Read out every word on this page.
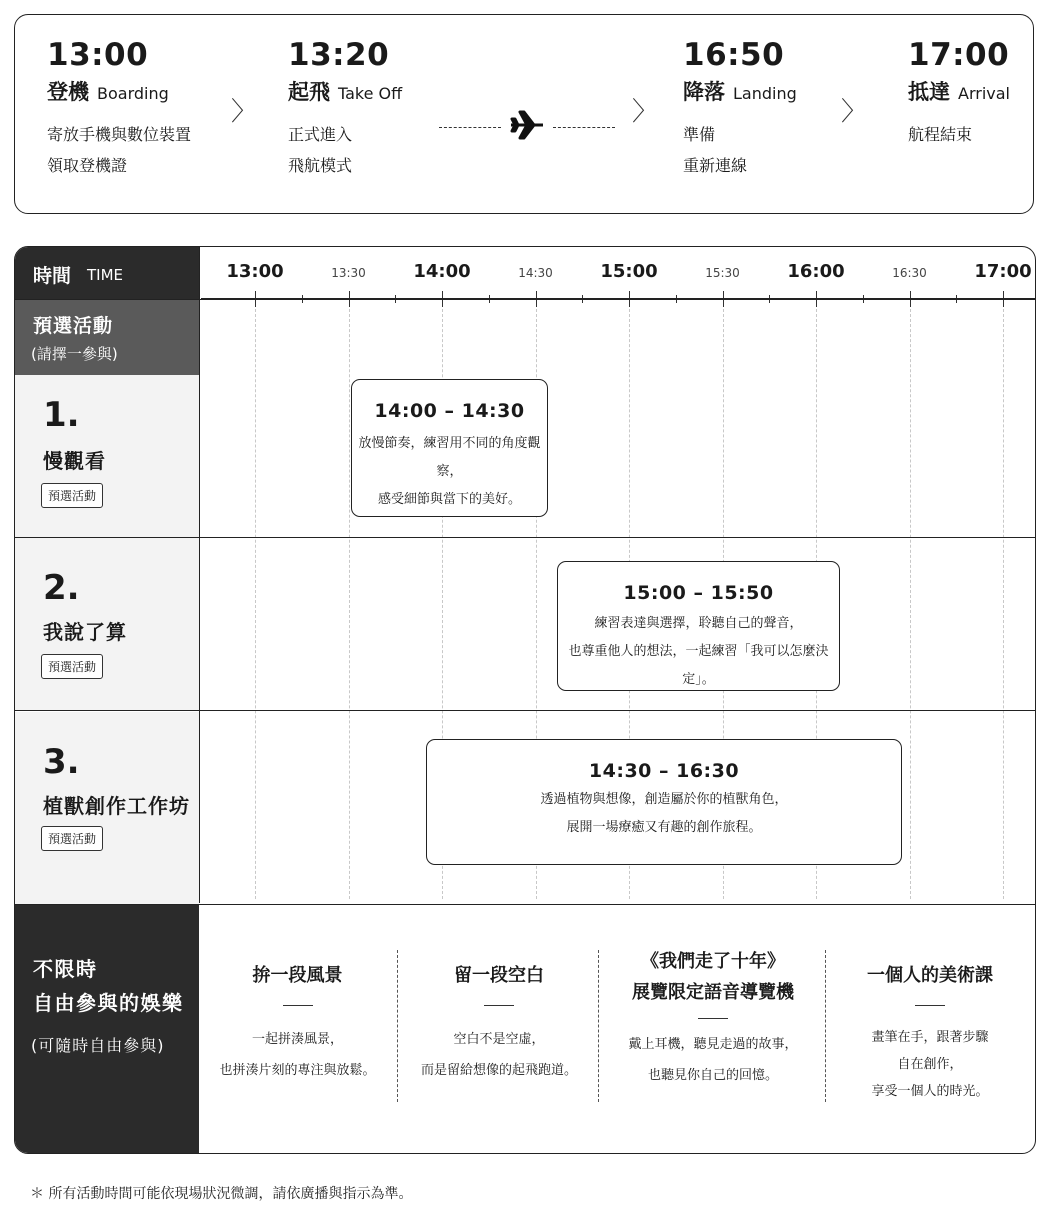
13:00
登機 Boarding
寄放手機與數位裝置
領取登機證
〉
13:20
起飛 Take Off
正式進入
飛航模式
〉
16:50
降落 Landing
準備
重新連線
〉
17:00
抵達 Arrival
航程結束
時間 TIME
預選活動
(請擇一參與)
1.
慢觀看
預選活動
2.
我說了算
預選活動
3.
植獸創作工作坊
預選活動
13:00	13:30	14:00	14:30	15:00	15:30	16:00	16:30	17:00
14:00 – 14:30
放慢節奏，練習用不同的角度觀察，
感受細節與當下的美好。
15:00 – 15:50
練習表達與選擇，聆聽自己的聲音，
也尊重他人的想法，一起練習「我可以怎麼決定」。
14:30 – 16:30
透過植物與想像，創造屬於你的植獸角色，
展開一場療癒又有趣的創作旅程。
不限時
自由參與的娛樂
(可隨時自由參與)
拚一段風景
一起拼湊風景，
也拼湊片刻的專注與放鬆。
留一段空白
空白不是空虛，
而是留給想像的起飛跑道。
《我們走了十年》
展覽限定語音導覽機
戴上耳機，聽見走過的故事，
也聽見你自己的回憶。
一個人的美術課
畫筆在手，跟著步驟
自在創作，
享受一個人的時光。
＊ 所有活動時間可能依現場狀況微調，請依廣播與指示為準。
